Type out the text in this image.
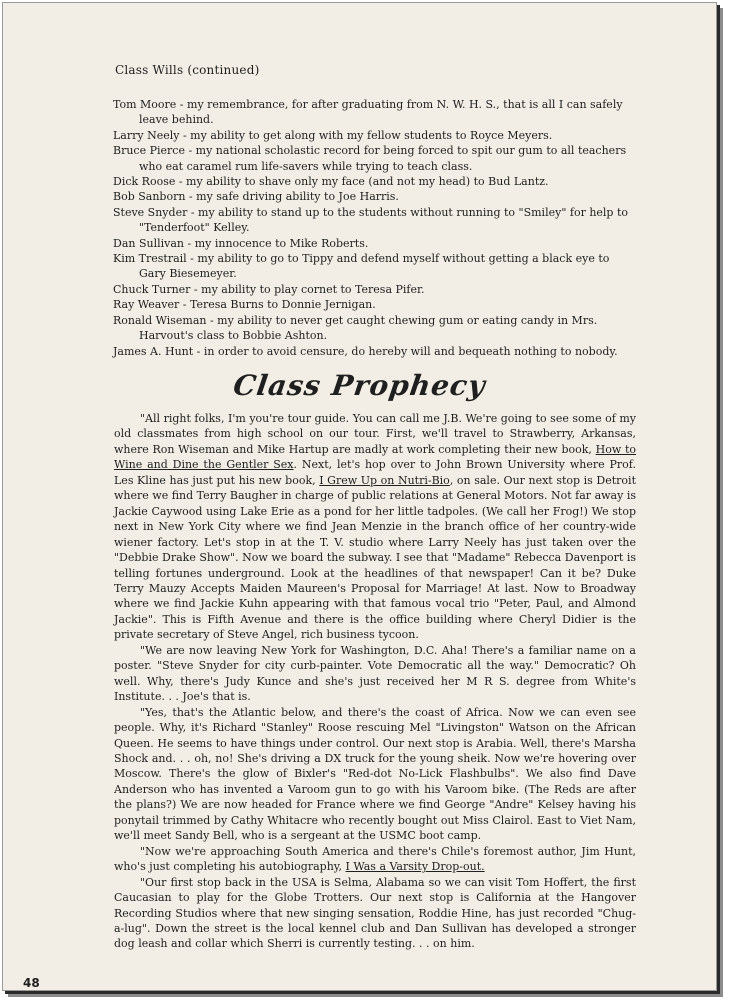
Class Wills (continued)

Tom Moore - my remembrance, for after graduating from N. W. H. S., that is all I can safely leave behind.

Larry Neely - my ability to get along with my fellow students to Royce Meyers.

Bruce Pierce - my national scholastic record for being forced to spit our gum to all teachers who eat caramel rum life-savers while trying to teach class.

Dick Roose - my ability to shave only my face (and not my head) to Bud Lantz.

Bob Sanborn - my safe driving ability to Joe Harris.

Steve Snyder - my ability to stand up to the students without running to "Smiley" for help to "Tenderfoot" Kelley.

Dan Sullivan - my innocence to Mike Roberts.

Kim Trestrail - my ability to go to Tippy and defend myself without getting a black eye to Gary Biesemeyer.

Chuck Turner - my ability to play cornet to Teresa Pifer.

Ray Weaver - Teresa Burns to Donnie Jernigan.

Ronald Wiseman - my ability to never get caught chewing gum or eating candy in Mrs. Harvout's class to Bobbie Ashton.

James A. Hunt - in order to avoid censure, do hereby will and bequeath nothing to nobody.

Class Prophecy

"All right folks, I'm you're tour guide. You can call me J.B. We're going to see some of my old classmates from high school on our tour. First, we'll travel to Strawberry, Arkansas, where Ron Wiseman and Mike Hartup are madly at work completing their new book, How to Wine and Dine the Gentler Sex. Next, let's hop over to John Brown University where Prof. Les Kline has just put his new book, I Grew Up on Nutri-Bio, on sale. Our next stop is Detroit where we find Terry Baugher in charge of public relations at General Motors. Not far away is Jackie Caywood using Lake Erie as a pond for her little tadpoles. (We call her Frog!) We stop next in New York City where we find Jean Menzie in the branch office of her country-wide wiener factory. Let's stop in at the T. V. studio where Larry Neely has just taken over the "Debbie Drake Show". Now we board the subway. I see that "Madame" Rebecca Davenport is telling fortunes underground. Look at the headlines of that newspaper! Can it be? Duke Terry Mauzy Accepts Maiden Maureen's Proposal for Marriage! At last. Now to Broadway where we find Jackie Kuhn appearing with that famous vocal trio "Peter, Paul, and Almond Jackie". This is Fifth Avenue and there is the office building where Cheryl Didier is the private secretary of Steve Angel, rich business tycoon.

"We are now leaving New York for Washington, D.C. Aha! There's a familiar name on a poster. "Steve Snyder for city curb-painter. Vote Democratic all the way." Democratic? Oh well. Why, there's Judy Kunce and she's just received her M R S. degree from White's Institute. . . Joe's that is.

"Yes, that's the Atlantic below, and there's the coast of Africa. Now we can even see people. Why, it's Richard "Stanley" Roose rescuing Mel "Livingston" Watson on the African Queen. He seems to have things under control. Our next stop is Arabia. Well, there's Marsha Shock and. . . oh, no! She's driving a DX truck for the young sheik. Now we're hovering over Moscow. There's the glow of Bixler's "Red-dot No-Lick Flashbulbs". We also find Dave Anderson who has invented a Varoom gun to go with his Varoom bike. (The Reds are after the plans?) We are now headed for France where we find George "Andre" Kelsey having his ponytail trimmed by Cathy Whitacre who recently bought out Miss Clairol. East to Viet Nam, we'll meet Sandy Bell, who is a sergeant at the USMC boot camp.

"Now we're approaching South America and there's Chile's foremost author, Jim Hunt, who's just completing his autobiography, I Was a Varsity Drop-out.

"Our first stop back in the USA is Selma, Alabama so we can visit Tom Hoffert, the first Caucasian to play for the Globe Trotters. Our next stop is California at the Hangover Recording Studios where that new singing sensation, Roddie Hine, has just recorded "Chug-a-lug". Down the street is the local kennel club and Dan Sullivan has developed a stronger dog leash and collar which Sherri is currently testing. . . on him.

48
